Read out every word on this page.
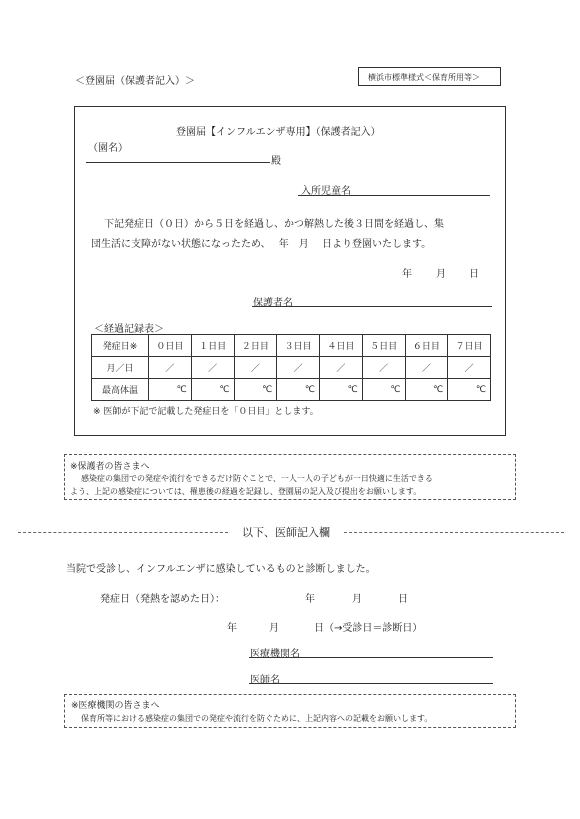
＜登園届（保護者記入）＞	横浜市標準様式＜保育所用等＞
登園届【インフルエンザ専用】（保護者記入）
（園名）
殿
入所児童名
下記発症日（０日）から５日を経過し、かつ解熱した後３日間を経過し、集
団生活に支障がない状態になったため、　 年　月　 日より登園いたします。
年 月 日
保護者名
＜経過記録表＞
発症日※	０日目	１日目	２日目	３日目	４日目	５日目	６日目	７日目
月／日	／	／	／	／	／	／	／	／
最高体温	℃	℃	℃	℃	℃	℃	℃	℃
※ 医師が下記で記載した発症日を「０日目」とします。
※保護者の皆さまへ
感染症の集団での発症や流行をできるだけ防ぐことで、一人一人の子どもが一日快適に生活できる
よう、上記の感染症については、罹患後の経過を記録し、登園届の記入及び提出をお願いします。
以下、医師記入欄
当院で受診し、インフルエンザに感染しているものと診断しました。
発症日（発熱を認めた日）：	年	月	日
年	月	日（→受診日＝診断日）
医療機関名
医師名
※医療機関の皆さまへ
保育所等における感染症の集団での発症や流行を防ぐために、上記内容への記載をお願いします。
